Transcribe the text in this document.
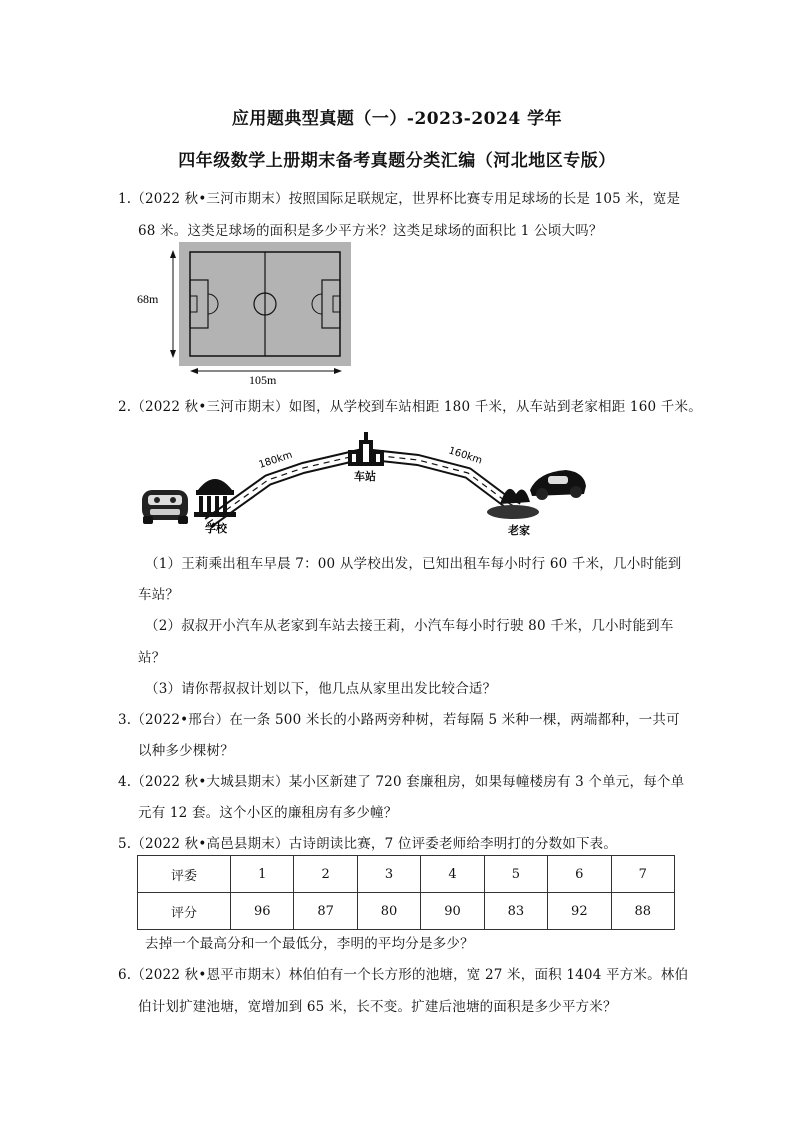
应用题典型真题（一）-2023-2024 学年
四年级数学上册期末备考真题分类汇编（河北地区专版）
1.（2022 秋•三河市期末）按照国际足联规定，世界杯比赛专用足球场的长是 105 米，宽是
68 米。这类足球场的面积是多少平方米？这类足球场的面积比 1 公顷大吗？
68m
105m
2.（2022 秋•三河市期末）如图，从学校到车站相距 180 千米，从车站到老家相距 160 千米。
180km	160km
学校
车站
老家
（1）王莉乘出租车早晨 7：00 从学校出发，已知出租车每小时行 60 千米，几小时能到
车站？
（2）叔叔开小汽车从老家到车站去接王莉，小汽车每小时行驶 80 千米，几小时能到车
站？
（3）请你帮叔叔计划以下，他几点从家里出发比较合适？
3.（2022•邢台）在一条 500 米长的小路两旁种树，若每隔 5 米种一棵，两端都种，一共可
以种多少棵树？
4.（2022 秋•大城县期末）某小区新建了 720 套廉租房，如果每幢楼房有 3 个单元，每个单
元有 12 套。这个小区的廉租房有多少幢？
5.（2022 秋•高邑县期末）古诗朗读比赛，7 位评委老师给李明打的分数如下表。
评委	1	2	3	4	5	6	7
评分	96	87	80	90	83	92	88
去掉一个最高分和一个最低分，李明的平均分是多少？
6.（2022 秋•恩平市期末）林伯伯有一个长方形的池塘，宽 27 米，面积 1404 平方米。林伯
伯计划扩建池塘，宽增加到 65 米，长不变。扩建后池塘的面积是多少平方米？
